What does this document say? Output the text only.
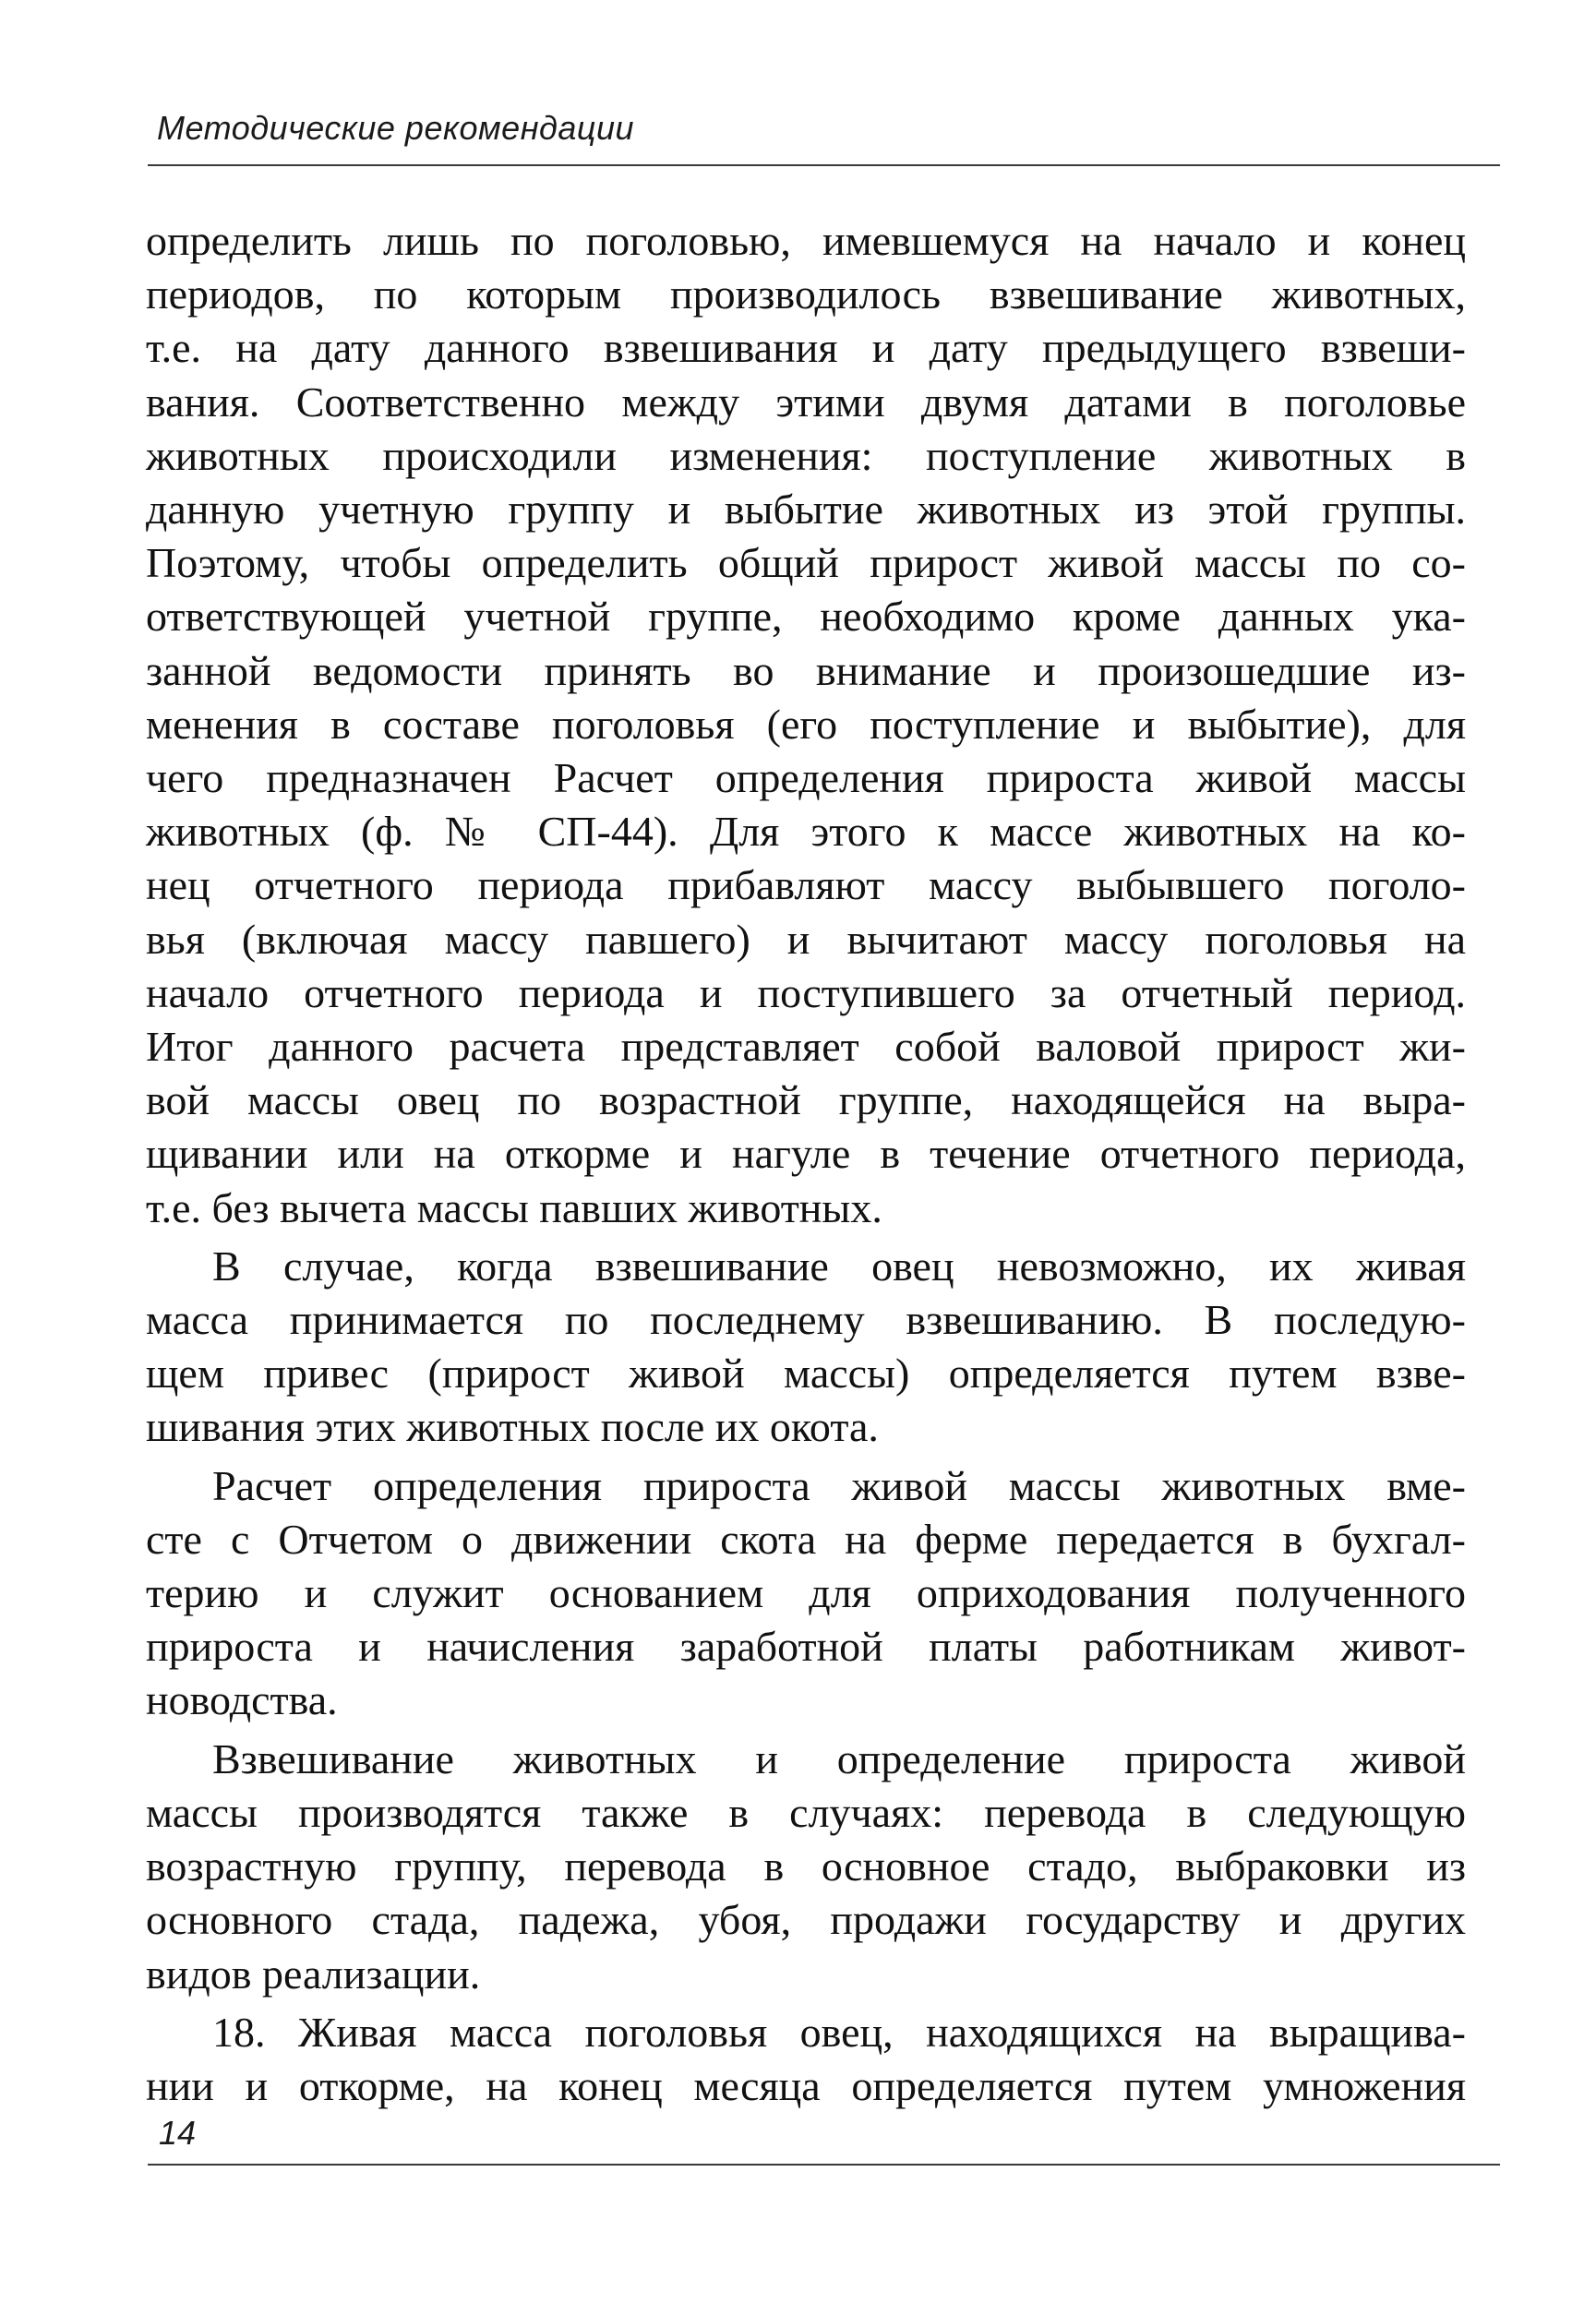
Методические рекомендации
определить лишь по поголовью, имевшемуся на начало и конец
периодов, по которым производилось взвешивание животных,
т.е. на дату данного взвешивания и дату предыдущего взвеши-
вания. Соответственно между этими двумя датами в поголовье
животных происходили изменения: поступление животных в
данную учетную группу и выбытие животных из этой группы.
Поэтому, чтобы определить общий прирост живой массы по со-
ответствующей учетной группе, необходимо кроме данных ука-
занной ведомости принять во внимание и произошедшие из-
менения в составе поголовья (его поступление и выбытие), для
чего предназначен Расчет определения прироста живой массы
животных (ф. № СП-44). Для этого к массе животных на ко-
нец отчетного периода прибавляют массу выбывшего поголо-
вья (включая массу павшего) и вычитают массу поголовья на
начало отчетного периода и поступившего за отчетный период.
Итог данного расчета представляет собой валовой прирост жи-
вой массы овец по возрастной группе, находящейся на выра-
щивании или на откорме и нагуле в течение отчетного периода,
т.е. без вычета массы павших животных.
В случае, когда взвешивание овец невозможно, их живая
масса принимается по последнему взвешиванию. В последую-
щем привес (прирост живой массы) определяется путем взве-
шивания этих животных после их окота.
Расчет определения прироста живой массы животных вме-
сте с Отчетом о движении скота на ферме передается в бухгал-
терию и служит основанием для оприходования полученного
прироста и начисления заработной платы работникам живот-
новодства.
Взвешивание животных и определение прироста живой
массы производятся также в случаях: перевода в следующую
возрастную группу, перевода в основное стадо, выбраковки из
основного стада, падежа, убоя, продажи государству и других
видов реализации.
18. Живая масса поголовья овец, находящихся на выращива-
нии и откорме, на конец месяца определяется путем умножения
14
